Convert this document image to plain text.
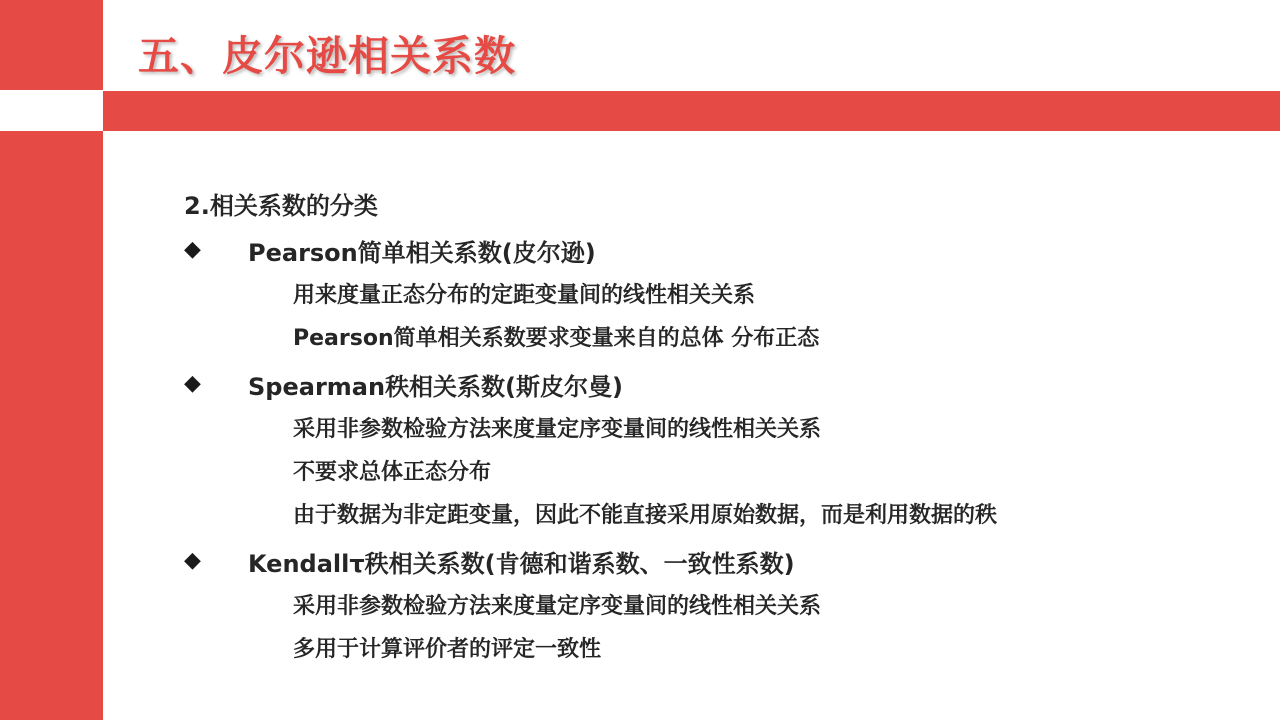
五、皮尔逊相关系数
2.相关系数的分类
◆	Pearson简单相关系数(皮尔逊)
用来度量正态分布的定距变量间的线性相关关系
Pearson简单相关系数要求变量来自的总体 分布正态
◆	Spearman秩相关系数(斯皮尔曼)
采用非参数检验方法来度量定序变量间的线性相关关系
不要求总体正态分布
由于数据为非定距变量，因此不能直接采用原始数据，而是利用数据的秩
◆	Kendallτ秩相关系数(肯德和谐系数、一致性系数)
采用非参数检验方法来度量定序变量间的线性相关关系
多用于计算评价者的评定一致性
